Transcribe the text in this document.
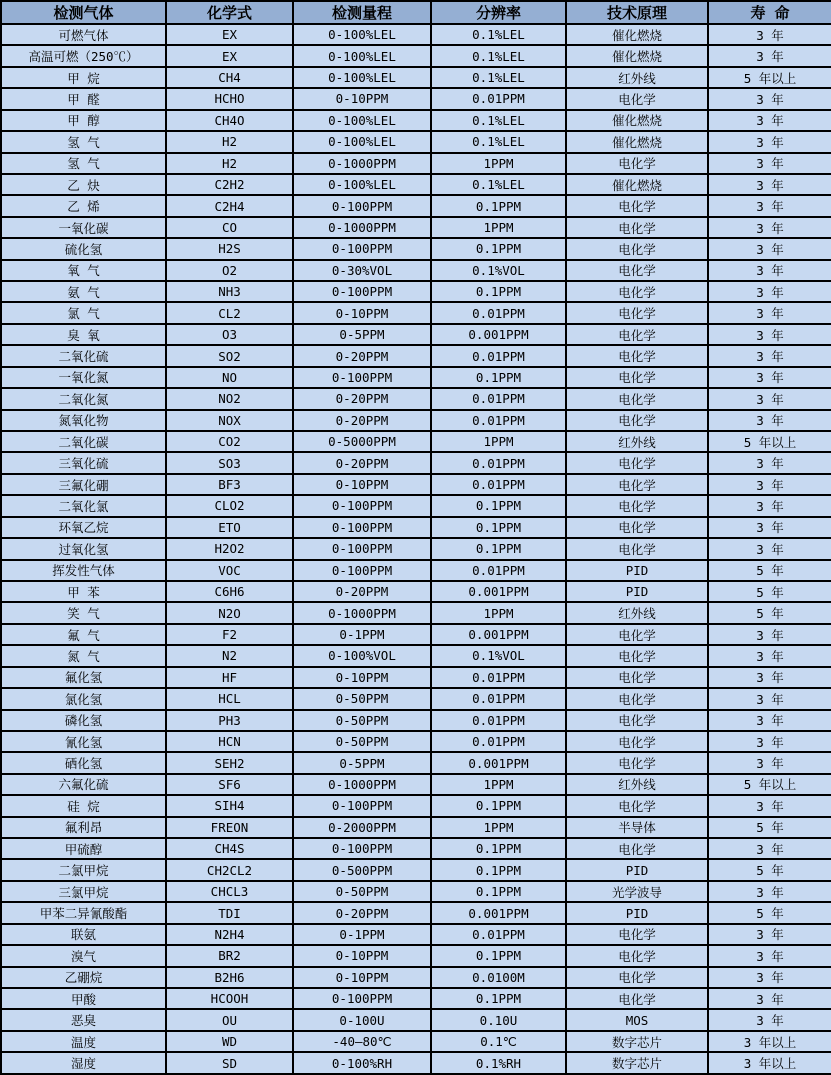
检测气体	化学式	检测量程	分辨率	技术原理	寿 命
可燃气体	EX	0-100%LEL	0.1%LEL	催化燃烧	3 年
高温可燃（250℃）	EX	0-100%LEL	0.1%LEL	催化燃烧	3 年
甲 烷	CH4	0-100%LEL	0.1%LEL	红外线	5 年以上
甲 醛	HCHO	0-10PPM	0.01PPM	电化学	3 年
甲 醇	CH4O	0-100%LEL	0.1%LEL	催化燃烧	3 年
氢 气	H2	0-100%LEL	0.1%LEL	催化燃烧	3 年
氢 气	H2	0-1000PPM	1PPM	电化学	3 年
乙 炔	C2H2	0-100%LEL	0.1%LEL	催化燃烧	3 年
乙 烯	C2H4	0-100PPM	0.1PPM	电化学	3 年
一氧化碳	CO	0-1000PPM	1PPM	电化学	3 年
硫化氢	H2S	0-100PPM	0.1PPM	电化学	3 年
氧 气	O2	0-30%VOL	0.1%VOL	电化学	3 年
氨 气	NH3	0-100PPM	0.1PPM	电化学	3 年
氯 气	CL2	0-10PPM	0.01PPM	电化学	3 年
臭 氧	O3	0-5PPM	0.001PPM	电化学	3 年
二氧化硫	SO2	0-20PPM	0.01PPM	电化学	3 年
一氧化氮	NO	0-100PPM	0.1PPM	电化学	3 年
二氧化氮	NO2	0-20PPM	0.01PPM	电化学	3 年
氮氧化物	NOX	0-20PPM	0.01PPM	电化学	3 年
二氧化碳	CO2	0-5000PPM	1PPM	红外线	5 年以上
三氧化硫	SO3	0-20PPM	0.01PPM	电化学	3 年
三氟化硼	BF3	0-10PPM	0.01PPM	电化学	3 年
二氧化氯	CLO2	0-100PPM	0.1PPM	电化学	3 年
环氧乙烷	ETO	0-100PPM	0.1PPM	电化学	3 年
过氧化氢	H2O2	0-100PPM	0.1PPM	电化学	3 年
挥发性气体	VOC	0-100PPM	0.01PPM	PID	5 年
甲 苯	C6H6	0-20PPM	0.001PPM	PID	5 年
笑 气	N2O	0-1000PPM	1PPM	红外线	5 年
氟 气	F2	0-1PPM	0.001PPM	电化学	3 年
氮 气	N2	0-100%VOL	0.1%VOL	电化学	3 年
氟化氢	HF	0-10PPM	0.01PPM	电化学	3 年
氯化氢	HCL	0-50PPM	0.01PPM	电化学	3 年
磷化氢	PH3	0-50PPM	0.01PPM	电化学	3 年
氰化氢	HCN	0-50PPM	0.01PPM	电化学	3 年
硒化氢	SEH2	0-5PPM	0.001PPM	电化学	3 年
六氟化硫	SF6	0-1000PPM	1PPM	红外线	5 年以上
硅 烷	SIH4	0-100PPM	0.1PPM	电化学	3 年
氟利昂	FREON	0-2000PPM	1PPM	半导体	5 年
甲硫醇	CH4S	0-100PPM	0.1PPM	电化学	3 年
二氯甲烷	CH2CL2	0-500PPM	0.1PPM	PID	5 年
三氯甲烷	CHCL3	0-50PPM	0.1PPM	光学波导	3 年
甲苯二异氰酸酯	TDI	0-20PPM	0.001PPM	PID	5 年
联氨	N2H4	0-1PPM	0.01PPM	电化学	3 年
溴气	BR2	0-10PPM	0.1PPM	电化学	3 年
乙硼烷	B2H6	0-10PPM	0.0100M	电化学	3 年
甲酸	HCOOH	0-100PPM	0.1PPM	电化学	3 年
恶臭	OU	0-100U	0.10U	MOS	3 年
温度	WD	-40—80℃	0.1℃	数字芯片	3 年以上
湿度	SD	0-100%RH	0.1%RH	数字芯片	3 年以上
